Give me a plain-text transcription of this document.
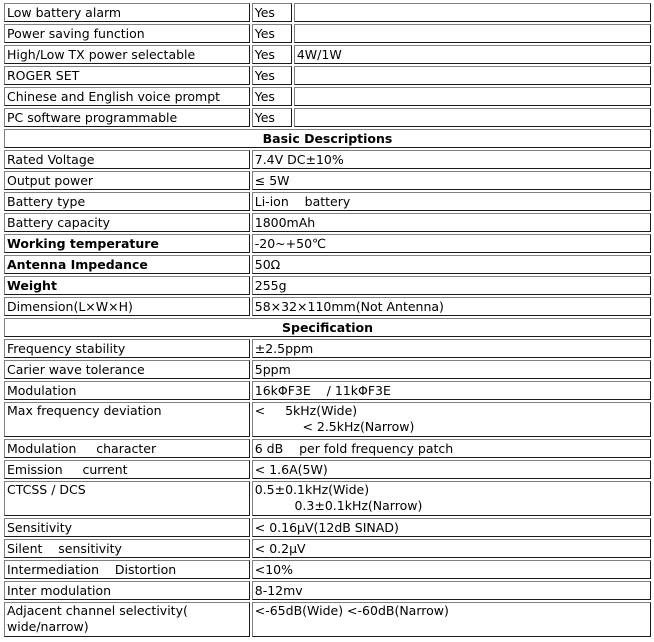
Low battery alarm	Yes	
Power saving function	Yes	
High/Low TX power selectable	Yes	4W/1W
ROGER SET	Yes	
Chinese and English voice prompt	Yes	
PC software programmable	Yes	
Basic Descriptions		
Rated Voltage	7.4V DC±10%	
Output power	≤ 5W	
Battery type	Li-ion    battery	
Battery capacity	1800mAh	
Working temperature	-20~+50℃	
Antenna Impedance	50Ω	
Weight	255g	
Dimension(L×W×H)	58×32×110mm(Not Antenna)	
Specification		
Frequency stability	±2.5ppm	
Carier wave tolerance	5ppm	
Modulation	16kΦF3E    / 11kΦF3E	
Max frequency deviation	<     5kHz(Wide)
< 2.5kHz(Narrow)	
Modulation     character	6 dB    per fold frequency patch	
Emission     current	< 1.6A(5W)	
CTCSS / DCS	0.5±0.1kHz(Wide)
0.3±0.1kHz(Narrow)	
Sensitivity	< 0.16μV(12dB SINAD)	
Silent    sensitivity	< 0.2μV	
Intermediation    Distortion	<10%	
Inter modulation	8-12mv	
Adjacent channel selectivity(
wide/narrow)	<-65dB(Wide) <-60dB(Narrow)	
